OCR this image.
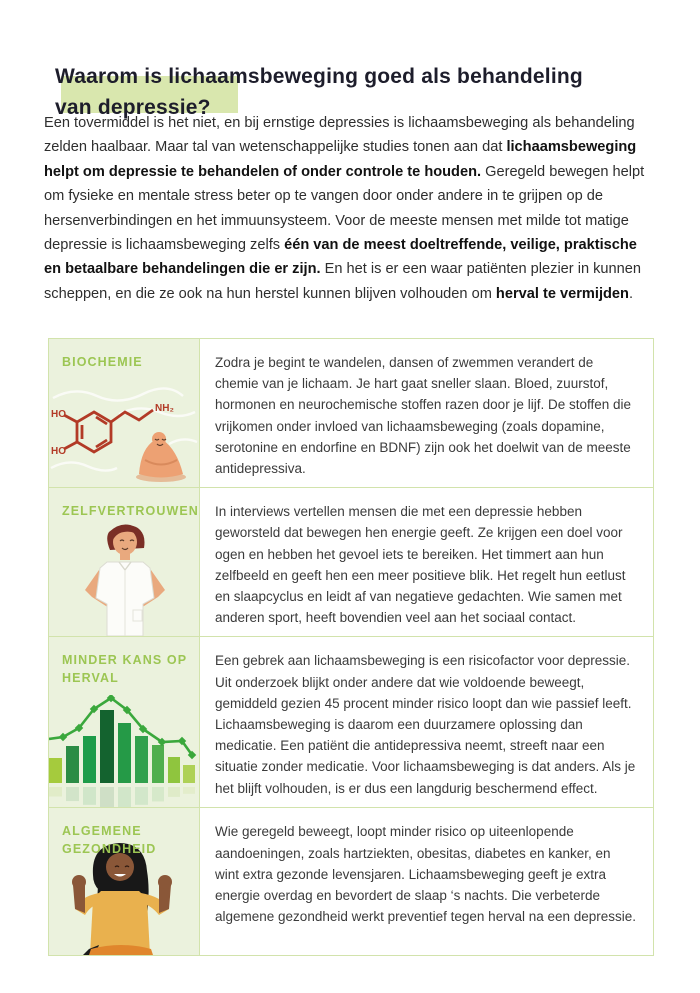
Waarom is lichaamsbeweging goed als behandeling
van depressie?

Een tovermiddel is het niet, en bij ernstige depressies is lichaamsbeweging als behandeling zelden haalbaar. Maar tal van wetenschappelijke studies tonen aan dat lichaamsbeweging helpt om depressie te behandelen of onder controle te houden. Geregeld bewegen helpt om fysieke en mentale stress beter op te vangen door onder andere in te grijpen op de hersenverbindingen en het immuunsysteem. Voor de meeste mensen met milde tot matige depressie is lichaamsbeweging zelfs één van de meest doeltreffende, veilige, praktische en betaalbare behandelingen die er zijn. En het is er een waar patiënten plezier in kunnen scheppen, en die ze ook na hun herstel kunnen blijven volhouden om herval te vermijden.

BIOCHEMIE
HO
HO
NH₂

Zodra je begint te wandelen, dansen of zwemmen verandert de chemie van je lichaam. Je hart gaat sneller slaan. Bloed, zuurstof, hormonen en neurochemische stoffen razen door je lijf. De stoffen die vrijkomen onder invloed van lichaamsbeweging (zoals dopamine, serotonine en endorfine en BDNF) zijn ook het doelwit van de meeste antidepressiva.

ZELFVERTROUWEN In interviews vertellen mensen die met een depressie hebben geworsteld dat bewegen hen energie geeft. Ze krijgen een doel voor ogen en hebben het gevoel iets te bereiken. Het timmert aan hun zelfbeeld en geeft hen een meer positieve blik. Het regelt hun eetlust en slaapcyclus en leidt af van negatieve gedachten. Wie samen met anderen sport, heeft bovendien veel aan het sociaal contact.

MINDER KANS OP HERVAL

Een gebrek aan lichaamsbeweging is een risicofactor voor depressie. Uit onderzoek blijkt onder andere dat wie voldoende beweegt, gemiddeld gezien 45 procent minder risico loopt dan wie passief leeft. Lichaamsbeweging is daarom een duurzamere oplossing dan medicatie. Een patiënt die antidepressiva neemt, streeft naar een situatie zonder medicatie. Voor lichaamsbeweging is dat anders. Als je het blijft volhouden, is er dus een langdurig beschermend effect.

ALGEMENE GEZONDHEID

Wie geregeld beweegt, loopt minder risico op uiteenlopende aandoeningen, zoals hartziekten, obesitas, diabetes en kanker, en wint extra gezonde levensjaren. Lichaamsbeweging geeft je extra energie overdag en bevordert de slaap ‘s nachts. Die verbeterde algemene gezondheid werkt preventief tegen herval na een depressie.
